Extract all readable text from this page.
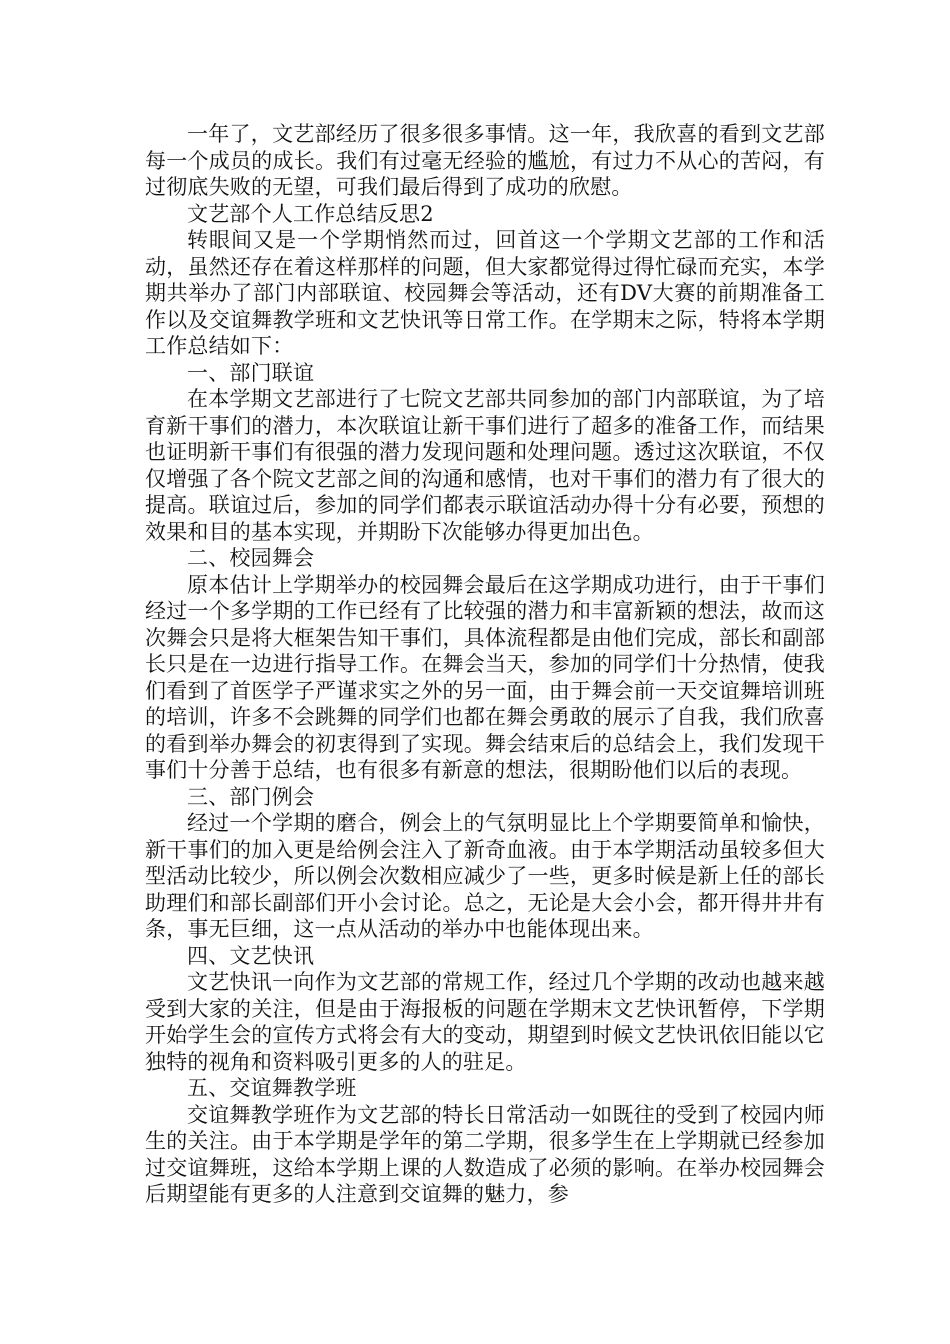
一年了，文艺部经历了很多很多事情。这一年，我欣喜的看到文艺部每一个成员的成长。我们有过毫无经验的尴尬，有过力不从心的苦闷，有过彻底失败的无望，可我们最后得到了成功的欣慰。

文艺部个人工作总结反思2

转眼间又是一个学期悄然而过，回首这一个学期文艺部的工作和活动，虽然还存在着这样那样的问题，但大家都觉得过得忙碌而充实，本学期共举办了部门内部联谊、校园舞会等活动，还有DV大赛的前期准备工作以及交谊舞教学班和文艺快讯等日常工作。在学期末之际，特将本学期工作总结如下：

一、部门联谊

在本学期文艺部进行了七院文艺部共同参加的部门内部联谊，为了培育新干事们的潜力，本次联谊让新干事们进行了超多的准备工作，而结果也证明新干事们有很强的潜力发现问题和处理问题。透过这次联谊，不仅仅增强了各个院文艺部之间的沟通和感情，也对干事们的潜力有了很大的提高。联谊过后，参加的同学们都表示联谊活动办得十分有必要，预想的效果和目的基本实现，并期盼下次能够办得更加出色。

二、校园舞会

原本估计上学期举办的校园舞会最后在这学期成功进行，由于干事们经过一个多学期的工作已经有了比较强的潜力和丰富新颖的想法，故而这次舞会只是将大框架告知干事们，具体流程都是由他们完成，部长和副部长只是在一边进行指导工作。在舞会当天，参加的同学们十分热情，使我们看到了首医学子严谨求实之外的另一面，由于舞会前一天交谊舞培训班的培训，许多不会跳舞的同学们也都在舞会勇敢的展示了自我，我们欣喜的看到举办舞会的初衷得到了实现。舞会结束后的总结会上，我们发现干事们十分善于总结，也有很多有新意的想法，很期盼他们以后的表现。

三、部门例会

经过一个学期的磨合，例会上的气氛明显比上个学期要简单和愉快，新干事们的加入更是给例会注入了新奇血液。由于本学期活动虽较多但大型活动比较少，所以例会次数相应减少了一些，更多时候是新上任的部长助理们和部长副部们开小会讨论。总之，无论是大会小会，都开得井井有条，事无巨细，这一点从活动的举办中也能体现出来。

四、文艺快讯

文艺快讯一向作为文艺部的常规工作，经过几个学期的改动也越来越受到大家的关注，但是由于海报板的问题在学期末文艺快讯暂停，下学期开始学生会的宣传方式将会有大的变动，期望到时候文艺快讯依旧能以它独特的视角和资料吸引更多的人的驻足。

五、交谊舞教学班

交谊舞教学班作为文艺部的特长日常活动一如既往的受到了校园内师生的关注。由于本学期是学年的第二学期，很多学生在上学期就已经参加过交谊舞班，这给本学期上课的人数造成了必须的影响。在举办校园舞会后期望能有更多的人注意到交谊舞的魅力，参
